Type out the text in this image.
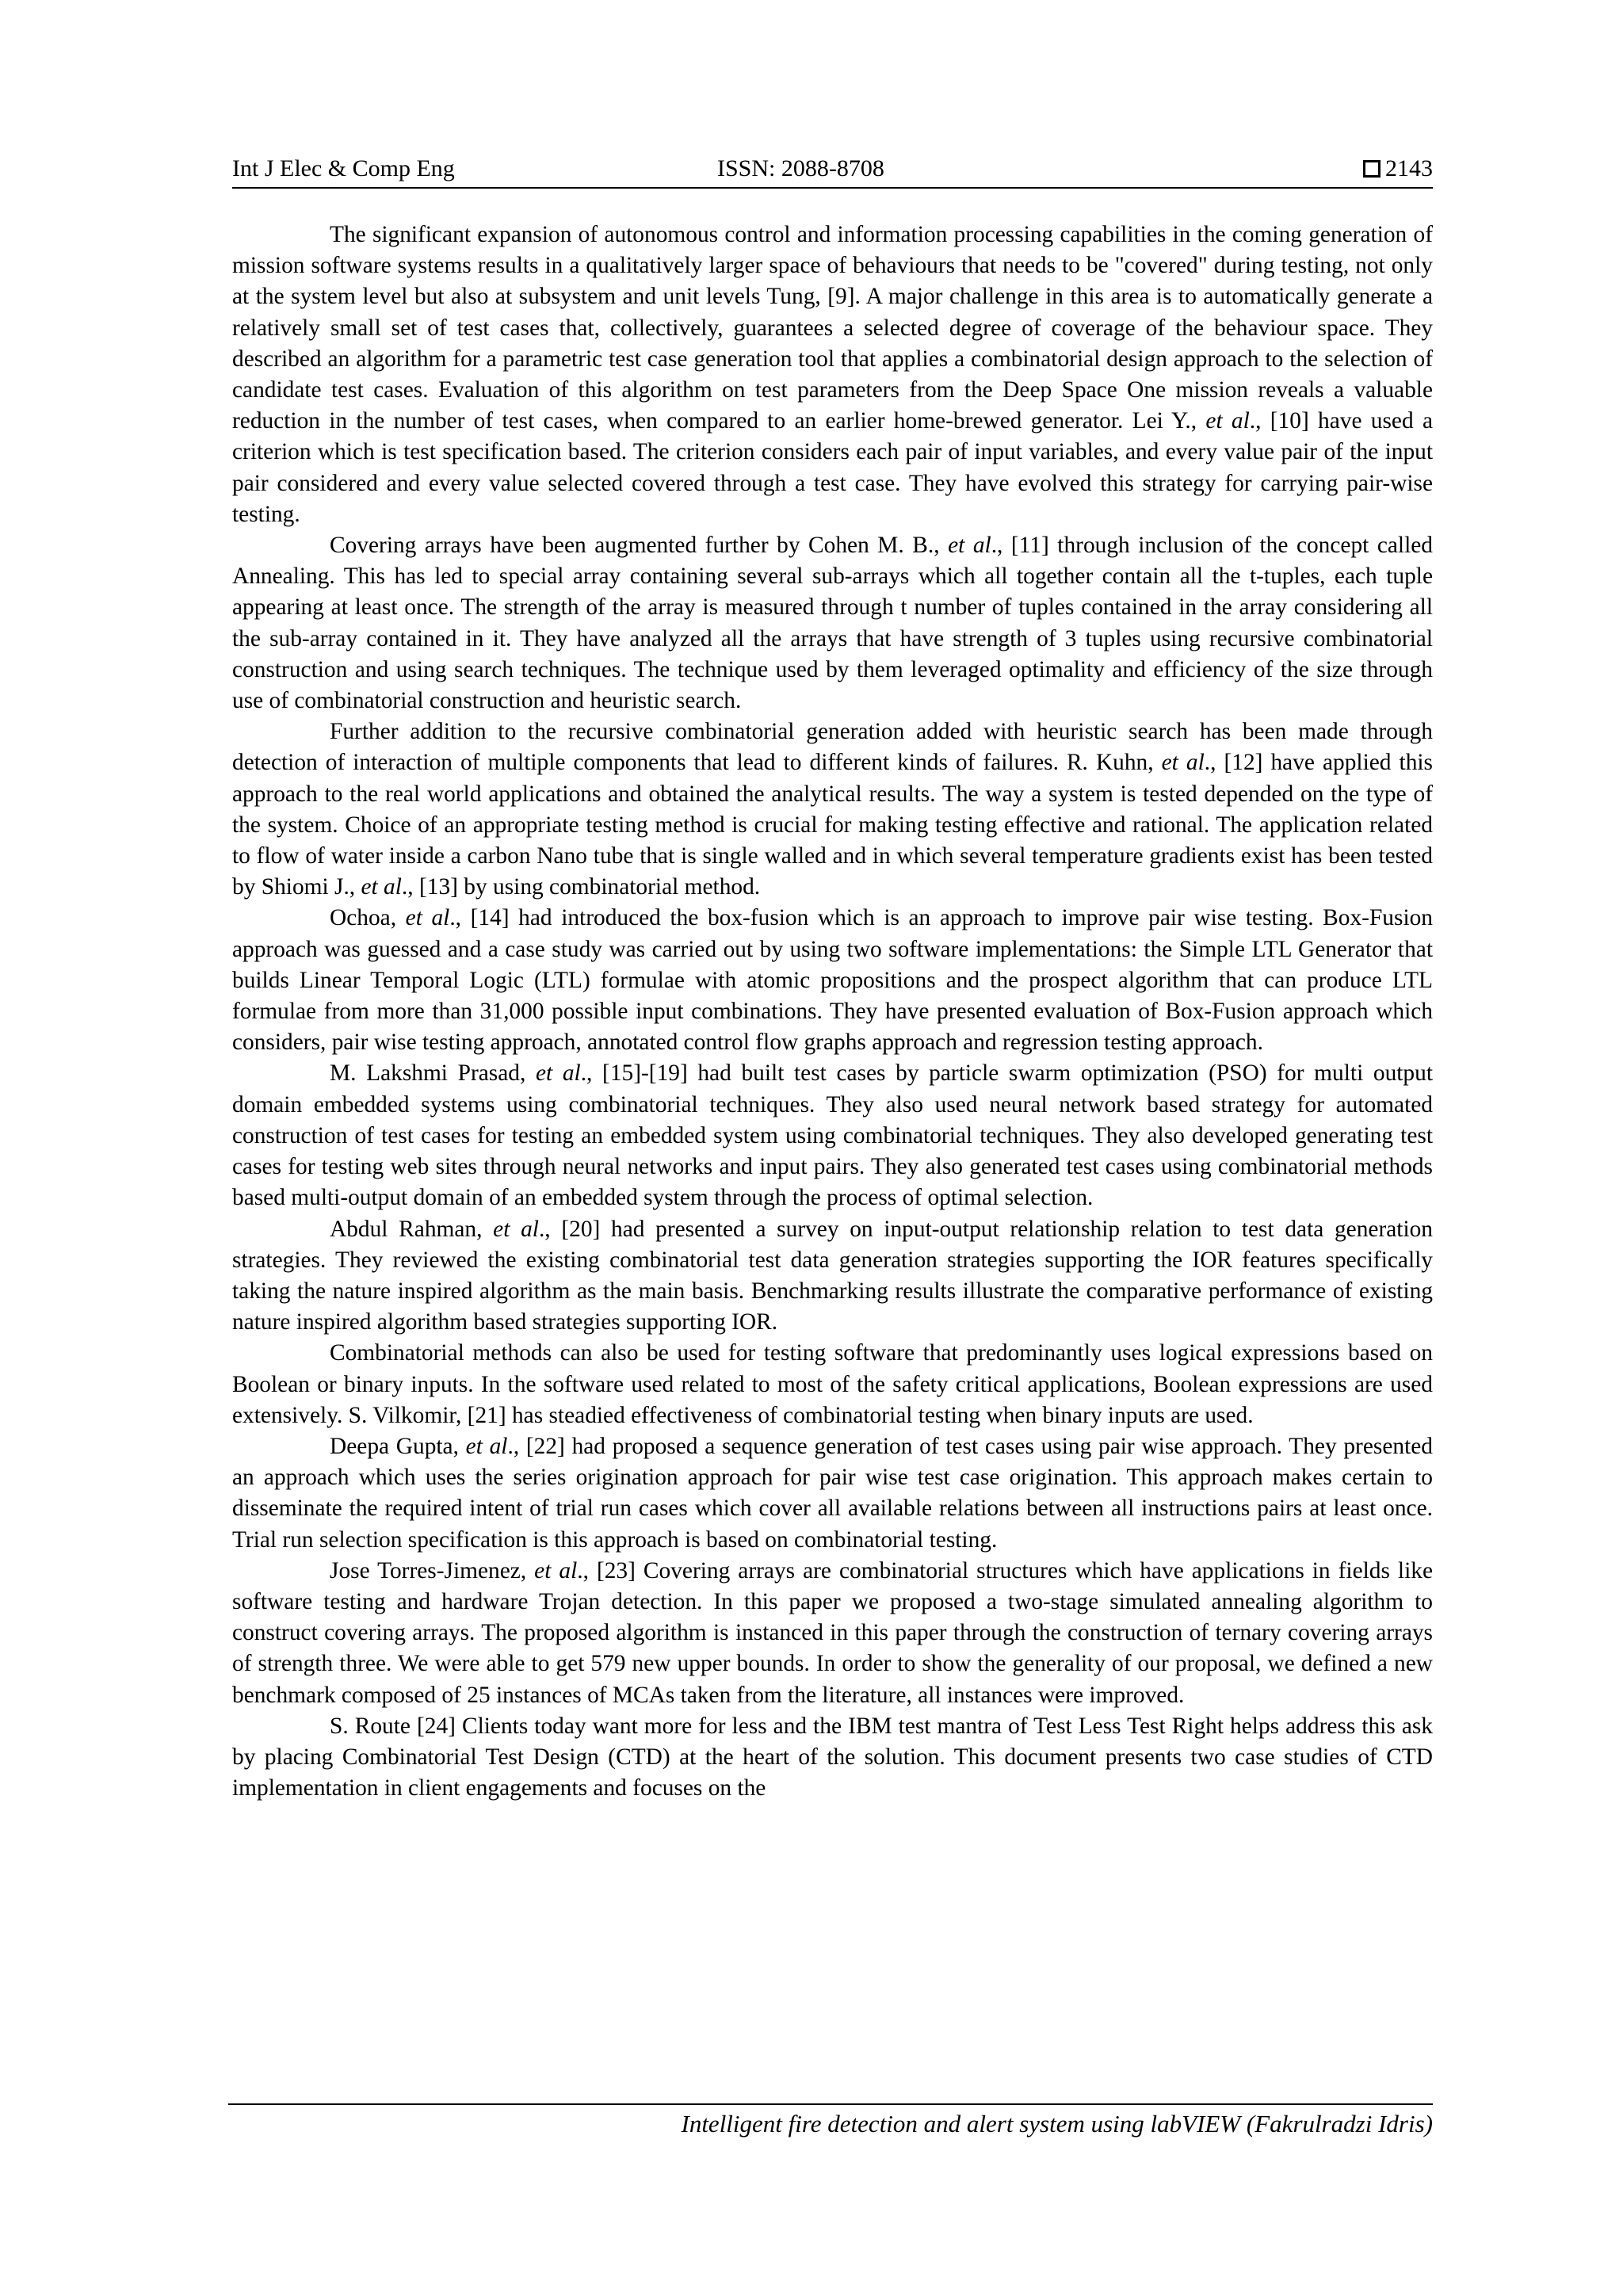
Int J Elec & Comp Eng	ISSN: 2088-8708	2143

The significant expansion of autonomous control and information processing capabilities in the coming generation of mission software systems results in a qualitatively larger space of behaviours that needs to be "covered" during testing, not only at the system level but also at subsystem and unit levels Tung, [9]. A major challenge in this area is to automatically generate a relatively small set of test cases that, collectively, guarantees a selected degree of coverage of the behaviour space. They described an algorithm for a parametric test case generation tool that applies a combinatorial design approach to the selection of candidate test cases. Evaluation of this algorithm on test parameters from the Deep Space One mission reveals a valuable reduction in the number of test cases, when compared to an earlier home-brewed generator. Lei Y., et al., [10] have used a criterion which is test specification based. The criterion considers each pair of input variables, and every value pair of the input pair considered and every value selected covered through a test case. They have evolved this strategy for carrying pair-wise testing.

Covering arrays have been augmented further by Cohen M. B., et al., [11] through inclusion of the concept called Annealing. This has led to special array containing several sub-arrays which all together contain all the t-tuples, each tuple appearing at least once. The strength of the array is measured through t number of tuples contained in the array considering all the sub-array contained in it. They have analyzed all the arrays that have strength of 3 tuples using recursive combinatorial construction and using search techniques. The technique used by them leveraged optimality and efficiency of the size through use of combinatorial construction and heuristic search.

Further addition to the recursive combinatorial generation added with heuristic search has been made through detection of interaction of multiple components that lead to different kinds of failures. R. Kuhn, et al., [12] have applied this approach to the real world applications and obtained the analytical results. The way a system is tested depended on the type of the system. Choice of an appropriate testing method is crucial for making testing effective and rational. The application related to flow of water inside a carbon Nano tube that is single walled and in which several temperature gradients exist has been tested by Shiomi J., et al., [13] by using combinatorial method.

Ochoa, et al., [14] had introduced the box-fusion which is an approach to improve pair wise testing. Box-Fusion approach was guessed and a case study was carried out by using two software implementations: the Simple LTL Generator that builds Linear Temporal Logic (LTL) formulae with atomic propositions and the prospect algorithm that can produce LTL formulae from more than 31,000 possible input combinations. They have presented evaluation of Box-Fusion approach which considers, pair wise testing approach, annotated control flow graphs approach and regression testing approach.

M. Lakshmi Prasad, et al., [15]-[19] had built test cases by particle swarm optimization (PSO) for multi output domain embedded systems using combinatorial techniques. They also used neural network based strategy for automated construction of test cases for testing an embedded system using combinatorial techniques. They also developed generating test cases for testing web sites through neural networks and input pairs. They also generated test cases using combinatorial methods based multi-output domain of an embedded system through the process of optimal selection.

Abdul Rahman, et al., [20] had presented a survey on input-output relationship relation to test data generation strategies. They reviewed the existing combinatorial test data generation strategies supporting the IOR features specifically taking the nature inspired algorithm as the main basis. Benchmarking results illustrate the comparative performance of existing nature inspired algorithm based strategies supporting IOR.

Combinatorial methods can also be used for testing software that predominantly uses logical expressions based on Boolean or binary inputs. In the software used related to most of the safety critical applications, Boolean expressions are used extensively. S. Vilkomir, [21] has steadied effectiveness of combinatorial testing when binary inputs are used.

Deepa Gupta, et al., [22] had proposed a sequence generation of test cases using pair wise approach. They presented an approach which uses the series origination approach for pair wise test case origination. This approach makes certain to disseminate the required intent of trial run cases which cover all available relations between all instructions pairs at least once. Trial run selection specification is this approach is based on combinatorial testing.

Jose Torres-Jimenez, et al., [23] Covering arrays are combinatorial structures which have applications in fields like software testing and hardware Trojan detection. In this paper we proposed a two-stage simulated annealing algorithm to construct covering arrays. The proposed algorithm is instanced in this paper through the construction of ternary covering arrays of strength three. We were able to get 579 new upper bounds. In order to show the generality of our proposal, we defined a new benchmark composed of 25 instances of MCAs taken from the literature, all instances were improved.

S. Route [24] Clients today want more for less and the IBM test mantra of Test Less Test Right helps address this ask by placing Combinatorial Test Design (CTD) at the heart of the solution. This document presents two case studies of CTD implementation in client engagements and focuses on the

Intelligent fire detection and alert system using labVIEW (Fakrulradzi Idris)
